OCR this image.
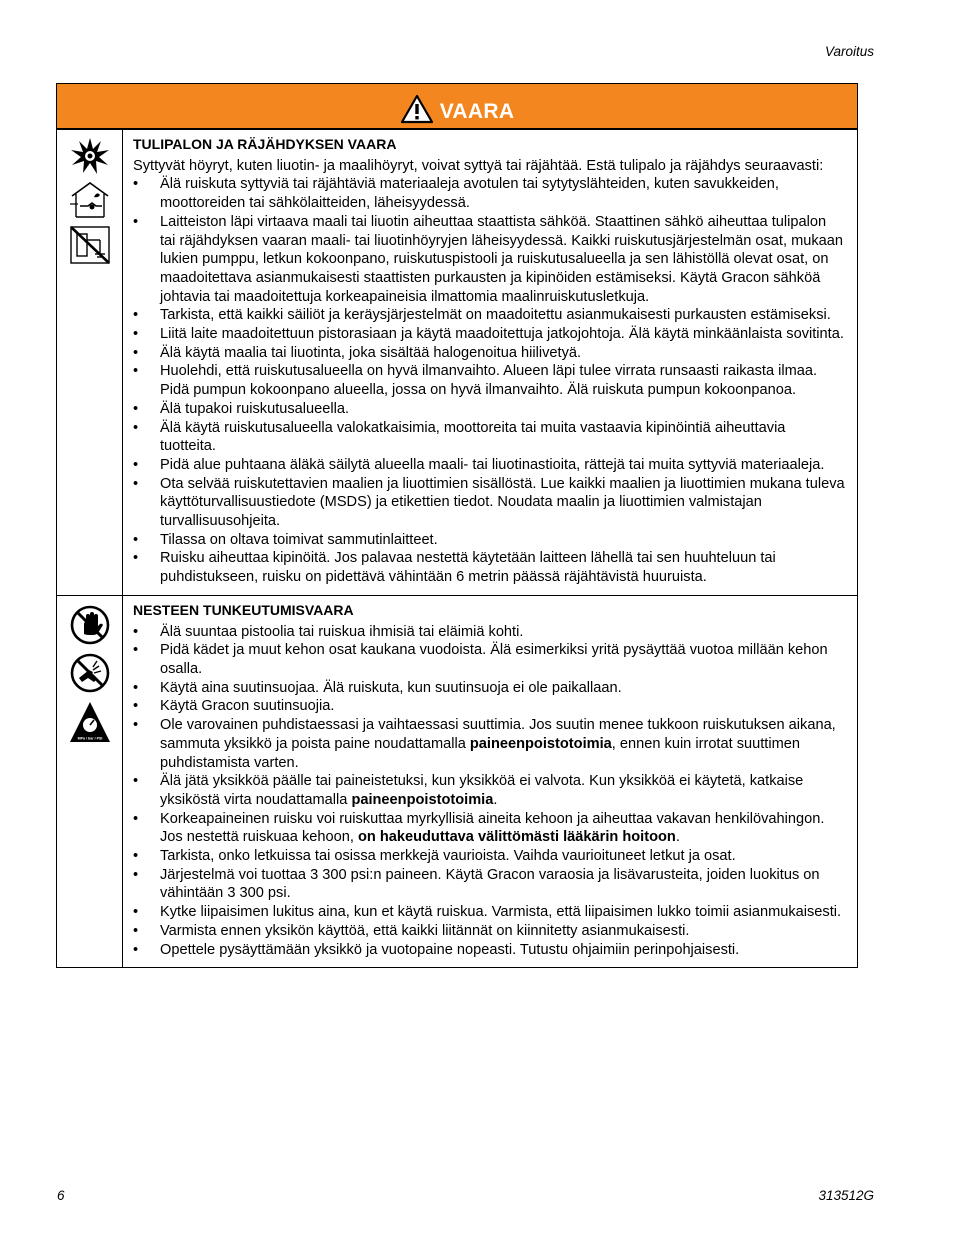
Varoitus
VAARA
TULIPALON JA RÄJÄHDYKSEN VAARA

Syttyvät höyryt, kuten liuotin- ja maalihöyryt, voivat syttyä tai räjähtää. Estä tulipalo ja räjähdys seuraavasti:

• Älä ruiskuta syttyviä tai räjähtäviä materiaaleja avotulen tai sytytyslähteiden, kuten savukkeiden, moottoreiden tai sähkölaitteiden, läheisyydessä.
• Laitteiston läpi virtaava maali tai liuotin aiheuttaa staattista sähköä. Staattinen sähkö aiheuttaa tulipalon tai räjähdyksen vaaran maali- tai liuotinhöyryjen läheisyydessä. Kaikki ruiskutusjärjestelmän osat, mukaan lukien pumppu, letkun kokoonpano, ruiskutuspistooli ja ruiskutusalueella ja sen lähistöllä olevat osat, on maadoitettava asianmukaisesti staattisten purkausten ja kipinöiden estämiseksi. Käytä Gracon sähköä johtavia tai maadoitettuja korkeapaineisia ilmattomia maalinruiskutusletkuja.
• Tarkista, että kaikki säiliöt ja keräysjärjestelmät on maadoitettu asianmukaisesti purkausten estämiseksi.
• Liitä laite maadoitettuun pistorasiaan ja käytä maadoitettuja jatkojohtoja. Älä käytä minkäänlaista sovitinta.
• Älä käytä maalia tai liuotinta, joka sisältää halogenoitua hiilivetyä.
• Huolehdi, että ruiskutusalueella on hyvä ilmanvaihto. Alueen läpi tulee virrata runsaasti raikasta ilmaa. Pidä pumpun kokoonpano alueella, jossa on hyvä ilmanvaihto. Älä ruiskuta pumpun kokoonpanoa.
• Älä tupakoi ruiskutusalueella.
• Älä käytä ruiskutusalueella valokatkaisimia, moottoreita tai muita vastaavia kipinöintiä aiheuttavia tuotteita.
• Pidä alue puhtaana äläkä säilytä alueella maali- tai liuotinastioita, rättejä tai muita syttyviä materiaaleja.
• Ota selvää ruiskutettavien maalien ja liuottimien sisällöstä. Lue kaikki maalien ja liuottimien mukana tuleva käyttöturvallisuustiedote (MSDS) ja etikettien tiedot. Noudata maalin ja liuottimien valmistajan turvallisuusohjeita.
• Tilassa on oltava toimivat sammutinlaitteet.
• Ruisku aiheuttaa kipinöitä. Jos palavaa nestettä käytetään laitteen lähellä tai sen huuhteluun tai puhdistukseen, ruisku on pidettävä vähintään 6 metrin päässä räjähtävistä huuruista.
MPa / bar / PSI
NESTEEN TUNKEUTUMISVAARA
• Älä suuntaa pistoolia tai ruiskua ihmisiä tai eläimiä kohti.
• Pidä kädet ja muut kehon osat kaukana vuodoista. Älä esimerkiksi yritä pysäyttää vuotoa millään kehon osalla.
• Käytä aina suutinsuojaa. Älä ruiskuta, kun suutinsuoja ei ole paikallaan.
• Käytä Gracon suutinsuojia.
• Ole varovainen puhdistaessasi ja vaihtaessasi suuttimia. Jos suutin menee tukkoon ruiskutuksen aikana, sammuta yksikkö ja poista paine noudattamalla paineenpoistotoimia, ennen kuin irrotat suuttimen puhdistamista varten.
• Älä jätä yksikköä päälle tai paineistetuksi, kun yksikköä ei valvota. Kun yksikköä ei käytetä, katkaise yksiköstä virta noudattamalla paineenpoistotoimia.
• Korkeapaineinen ruisku voi ruiskuttaa myrkyllisiä aineita kehoon ja aiheuttaa vakavan henkilövahingon. Jos nestettä ruiskuaa kehoon, on hakeuduttava välittömästi lääkärin hoitoon.
• Tarkista, onko letkuissa tai osissa merkkejä vaurioista. Vaihda vaurioituneet letkut ja osat.
• Järjestelmä voi tuottaa 3 300 psi:n paineen. Käytä Gracon varaosia ja lisävarusteita, joiden luokitus on vähintään 3 300 psi.
• Kytke liipaisimen lukitus aina, kun et käytä ruiskua. Varmista, että liipaisimen lukko toimii asianmukaisesti.
• Varmista ennen yksikön käyttöä, että kaikki liitännät on kiinnitetty asianmukaisesti.
• Opettele pysäyttämään yksikkö ja vuotopaine nopeasti. Tutustu ohjaimiin perinpohjaisesti.
6	313512G
